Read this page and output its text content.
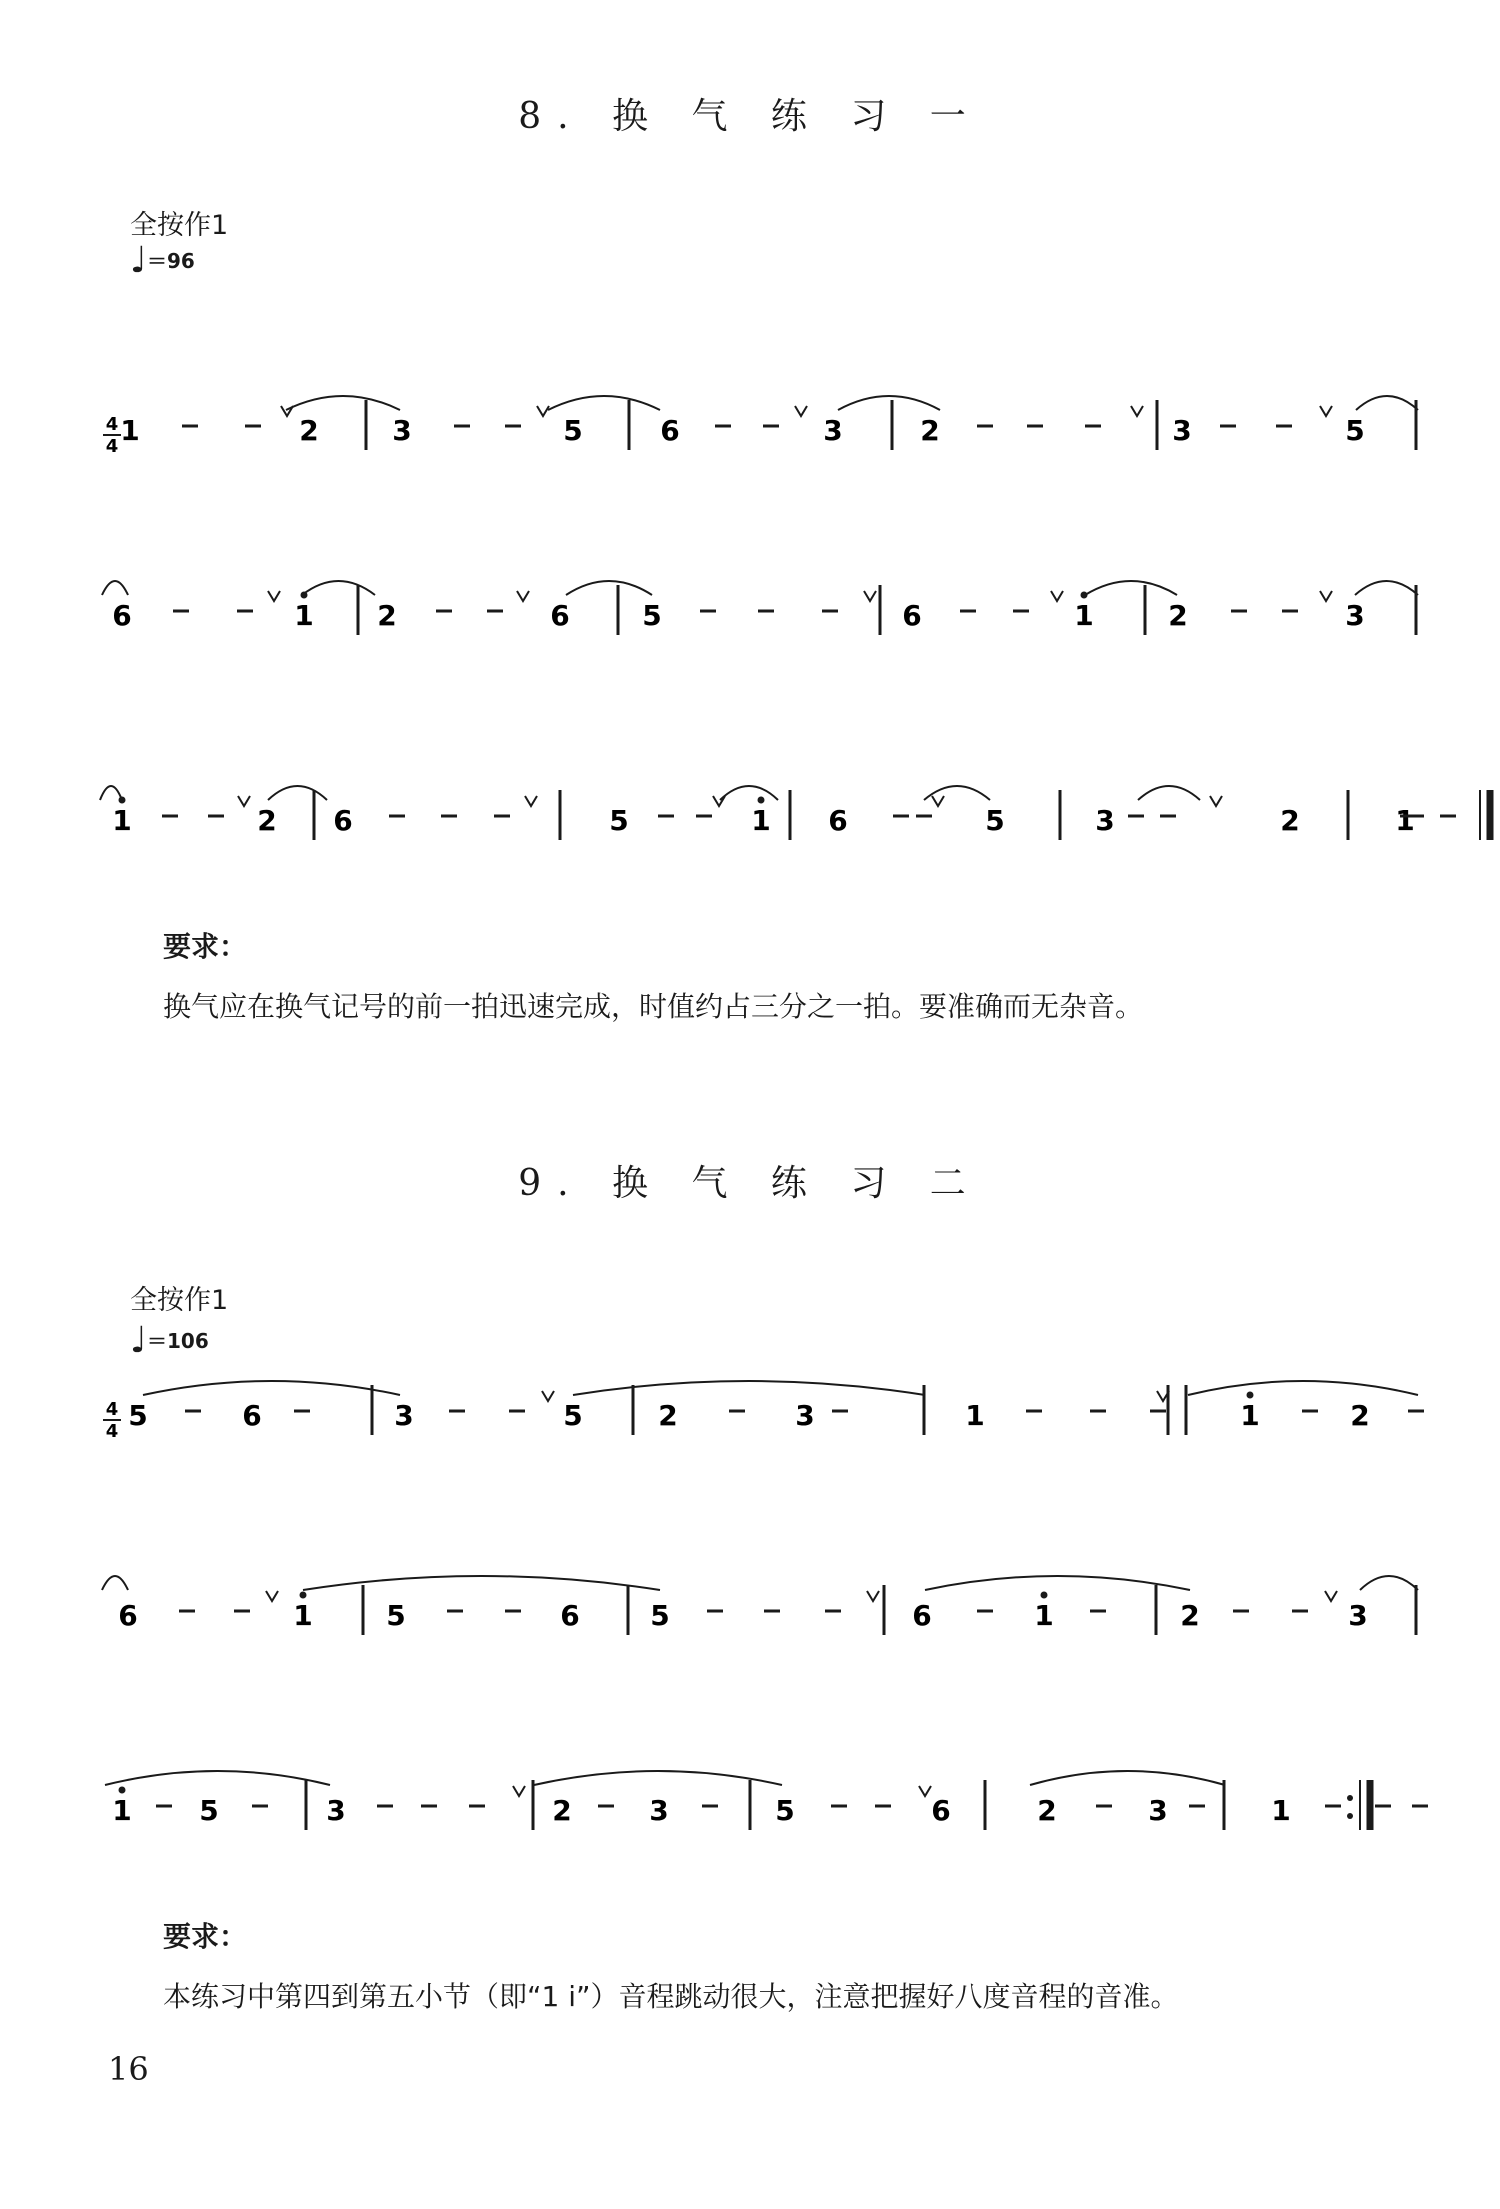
8. 换 气 练 习 一
全按作1
♩＝96
要求：
换气应在换气记号的前一拍迅速完成，时值约占三分之一拍。要准确而无杂音。
9. 换 气 练 习 二
全按作1
♩＝106
要求：
本练习中第四到第五小节（即“1 i”）音程跳动很大，注意把握好八度音程的音准。
16
4
4 1	2	3	5	6	3	2	3	5
6	1 2	6	5	6	1	2	3
1	2 6	5	1 6	5	3	2	1
4
4 5	6	3	5	2	3	1	1	2
6	1	5	6	5	6	1	2	3
1 5	3	2	3	5	6	2	3	1
